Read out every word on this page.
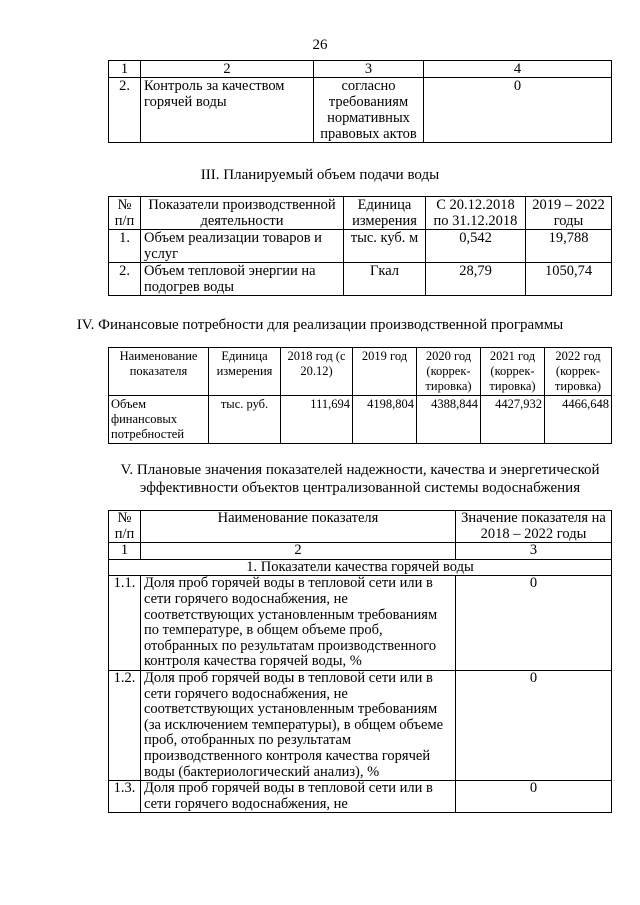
26
1	2	3	4
2.	Контроль за качеством горячей воды	согласно требованиям нормативных правовых актов	0
III. Планируемый объем подачи воды
№ п/п	Показатели производственной деятельности	Единица измерения	С 20.12.2018 по 31.12.2018	2019 – 2022 годы
1.	Объем реализации товаров и услуг	тыс. куб. м	0,542	19,788
2.	Объем тепловой энергии на подогрев воды	Гкал	28,79	1050,74
IV. Финансовые потребности для реализации производственной программы
Наименование показателя	Единица измерения	2018 год (с 20.12)	2019 год	2020 год (коррек-тировка)	2021 год (коррек-тировка)	2022 год (коррек-тировка)
Объем финансовых потребностей	тыс. руб.	111,694	4198,804	4388,844	4427,932	4466,648
V. Плановые значения показателей надежности, качества и энергетической эффективности объектов централизованной системы водоснабжения
№ п/п	Наименование показателя	Значение показателя на 2018 – 2022 годы
1	2	3
1. Показатели качества горячей воды		
1.1.	Доля проб горячей воды в тепловой сети или в сети горячего водоснабжения, не соответствующих установленным требованиям по температуре, в общем объеме проб, отобранных по результатам производственного контроля качества горячей воды, %	0
1.2.	Доля проб горячей воды в тепловой сети или в сети горячего водоснабжения, не соответствующих установленным требованиям (за исключением температуры), в общем объеме проб, отобранных по результатам производственного контроля качества горячей воды (бактериологический анализ), %	0
1.3.	Доля проб горячей воды в тепловой сети или в сети горячего водоснабжения, не	0
